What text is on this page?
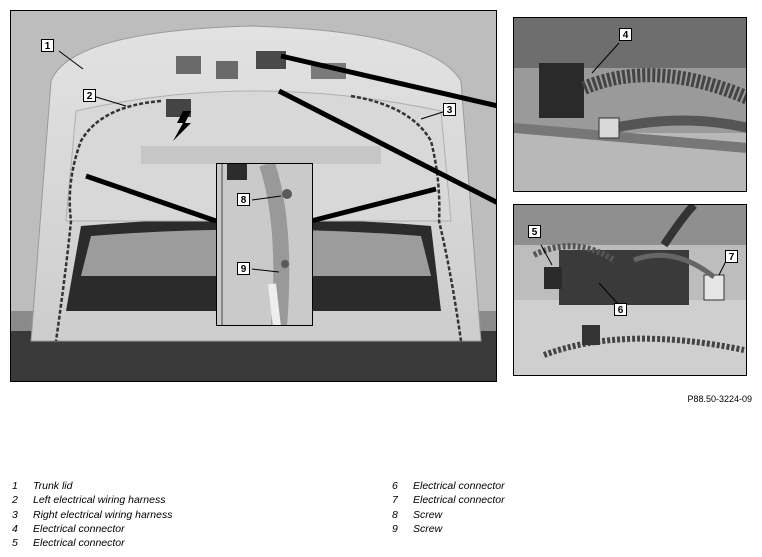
8
9
1
2
3
4
5
6
7
P88.50-3224-09
1 Trunk lid
2 Left electrical wiring harness
3 Right electrical wiring harness
4 Electrical connector
5 Electrical connector
6 Electrical connector
7 Electrical connector
8 Screw
9 Screw
